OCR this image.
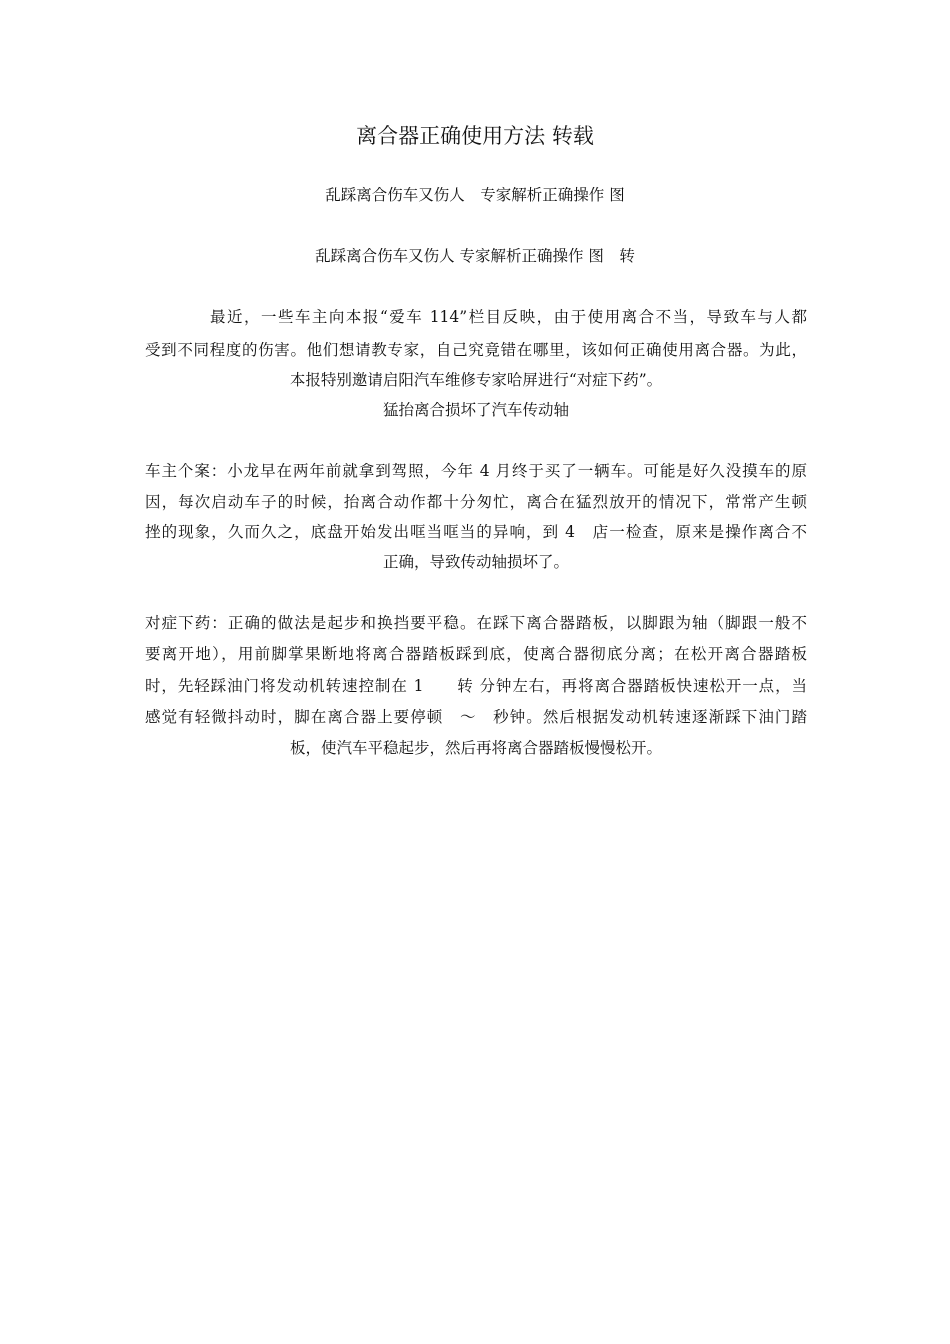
离合器正确使用方法 转载
乱踩离合伤车又伤人　专家解析正确操作 图
乱踩离合伤车又伤人 专家解析正确操作 图　转
最近，一些车主向本报“爱车 114”栏目反映，由于使用离合不当，导致车与人都
受到不同程度的伤害。他们想请教专家，自己究竟错在哪里，该如何正确使用离合器。为此，
本报特别邀请启阳汽车维修专家哈屏进行“对症下药”。
猛抬离合损坏了汽车传动轴
车主个案：小龙早在两年前就拿到驾照，今年 4 月终于买了一辆车。可能是好久没摸车的原
因，每次启动车子的时候，抬离合动作都十分匆忙，离合在猛烈放开的情况下，常常产生顿
挫的现象，久而久之，底盘开始发出哐当哐当的异响，到 4　店一检查，原来是操作离合不
正确，导致传动轴损坏了。
对症下药：正确的做法是起步和换挡要平稳。在踩下离合器踏板，以脚跟为轴（脚跟一般不
要离开地），用前脚掌果断地将离合器踏板踩到底，使离合器彻底分离；在松开离合器踏板
时，先轻踩油门将发动机转速控制在 1　　转 分钟左右，再将离合器踏板快速松开一点，当
感觉有轻微抖动时，脚在离合器上要停顿　～　秒钟。然后根据发动机转速逐渐踩下油门踏
板，使汽车平稳起步，然后再将离合器踏板慢慢松开。
